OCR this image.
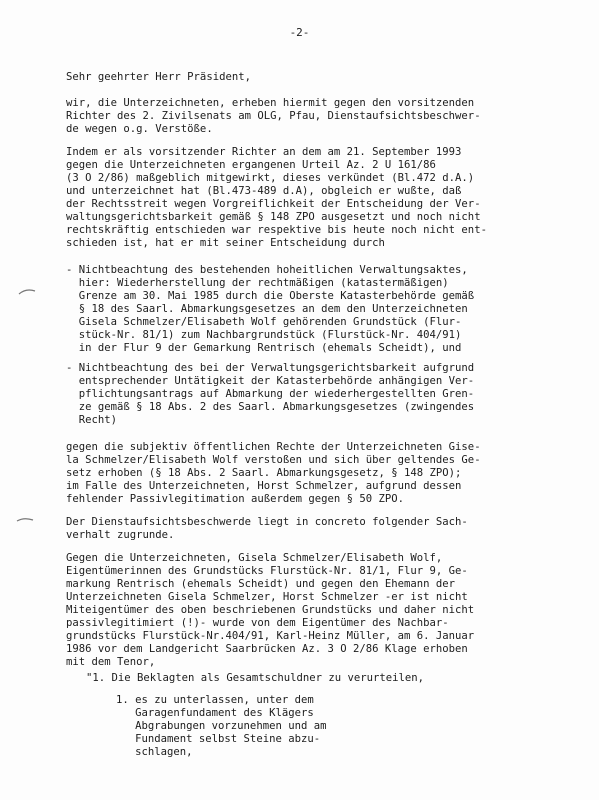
-2-
Sehr geehrter Herr Präsident,
wir, die Unterzeichneten, erheben hiermit gegen den vorsitzenden
Richter des 2. Zivilsenats am OLG, Pfau, Dienstaufsichtsbeschwer-
de wegen o.g. Verstöße.
Indem er als vorsitzender Richter an dem am 21. September 1993
gegen die Unterzeichneten ergangenen Urteil Az. 2 U 161/86
(3 O 2/86) maßgeblich mitgewirkt, dieses verkündet (Bl.472 d.A.)
und unterzeichnet hat (Bl.473-489 d.A), obgleich er wußte, daß
der Rechtsstreit wegen Vorgreiflichkeit der Entscheidung der Ver-
waltungsgerichtsbarkeit gemäß § 148 ZPO ausgesetzt und noch nicht
rechtskräftig entschieden war respektive bis heute noch nicht ent-
schieden ist, hat er mit seiner Entscheidung durch
- Nichtbeachtung des bestehenden hoheitlichen Verwaltungsaktes,
hier: Wiederherstellung der rechtmäßigen (katastermäßigen)
Grenze am 30. Mai 1985 durch die Oberste Katasterbehörde gemäß
§ 18 des Saarl. Abmarkungsgesetzes an dem den Unterzeichneten
Gisela Schmelzer/Elisabeth Wolf gehörenden Grundstück (Flur-
stück-Nr. 81/1) zum Nachbargrundstück (Flurstück-Nr. 404/91)
in der Flur 9 der Gemarkung Rentrisch (ehemals Scheidt), und
- Nichtbeachtung des bei der Verwaltungsgerichtsbarkeit aufgrund
entsprechender Untätigkeit der Katasterbehörde anhängigen Ver-
pflichtungsantrags auf Abmarkung der wiederhergestellten Gren-
ze gemäß § 18 Abs. 2 des Saarl. Abmarkungsgesetzes (zwingendes
Recht)
gegen die subjektiv öffentlichen Rechte der Unterzeichneten Gise-
la Schmelzer/Elisabeth Wolf verstoßen und sich über geltendes Ge-
setz erhoben (§ 18 Abs. 2 Saarl. Abmarkungsgesetz, § 148 ZPO);
im Falle des Unterzeichneten, Horst Schmelzer, aufgrund dessen
fehlender Passivlegitimation außerdem gegen § 50 ZPO.
Der Dienstaufsichtsbeschwerde liegt in concreto folgender Sach-
verhalt zugrunde.
Gegen die Unterzeichneten, Gisela Schmelzer/Elisabeth Wolf,
Eigentümerinnen des Grundstücks Flurstück-Nr. 81/1, Flur 9, Ge-
markung Rentrisch (ehemals Scheidt) und gegen den Ehemann der
Unterzeichneten Gisela Schmelzer, Horst Schmelzer -er ist nicht
Miteigentümer des oben beschriebenen Grundstücks und daher nicht
passivlegitimiert (!)- wurde von dem Eigentümer des Nachbar-
grundstücks Flurstück-Nr.404/91, Karl-Heinz Müller, am 6. Januar
1986 vor dem Landgericht Saarbrücken Az. 3 O 2/86 Klage erhoben
mit dem Tenor,
"1. Die Beklagten als Gesamtschuldner zu verurteilen,
1. es zu unterlassen, unter dem
Garagenfundament des Klägers
Abgrabungen vorzunehmen und am
Fundament selbst Steine abzu-
schlagen,
